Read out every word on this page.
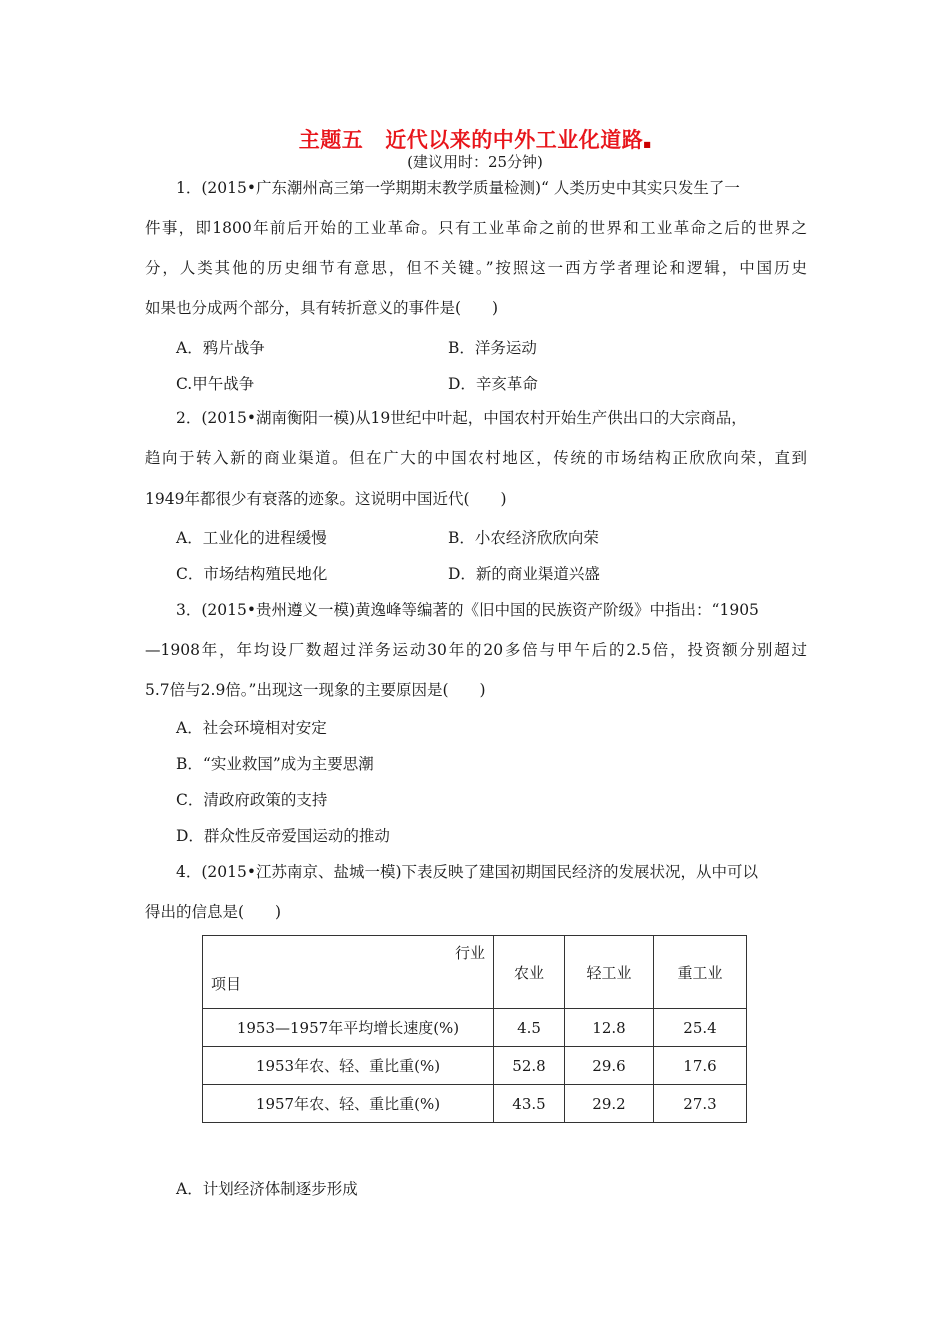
主题五 近代以来的中外工业化道路■
(建议用时：25分钟)
1．(2015•广东潮州高三第一学期期末教学质量检测)“ 人类历史中其实只发生了一
件事，即1800年前后开始的工业革命。只有工业革命之前的世界和工业革命之后的世界之
分，人类其他的历史细节有意思，但不关键。”按照这一西方学者理论和逻辑，中国历史
如果也分成两个部分，具有转折意义的事件是(　　)
A．鸦片战争	B．洋务运动
C.甲午战争	D．辛亥革命
2．(2015•湖南衡阳一模)从19世纪中叶起，中国农村开始生产供出口的大宗商品，
趋向于转入新的商业渠道。但在广大的中国农村地区，传统的市场结构正欣欣向荣，直到
1949年都很少有衰落的迹象。这说明中国近代(　　)
A．工业化的进程缓慢	B．小农经济欣欣向荣
C．市场结构殖民地化	D．新的商业渠道兴盛
3．(2015•贵州遵义一模)黄逸峰等编著的《旧中国的民族资产阶级》中指出：“1905
—1908年，年均设厂数超过洋务运动30年的20多倍与甲午后的2.5倍，投资额分别超过
5.7倍与2.9倍。”出现这一现象的主要原因是(　　)
A．社会环境相对安定
B．“实业救国”成为主要思潮
C．清政府政策的支持
D．群众性反帝爱国运动的推动
4．(2015•江苏南京、盐城一模)下表反映了建国初期国民经济的发展状况，从中可以
得出的信息是(　　)
行业
项目	农业	轻工业	重工业
1953—1957年平均增长速度(%)	4.5	12.8	25.4
1953年农、轻、重比重(%)	52.8	29.6	17.6
1957年农、轻、重比重(%)	43.5	29.2	27.3
A．计划经济体制逐步形成
